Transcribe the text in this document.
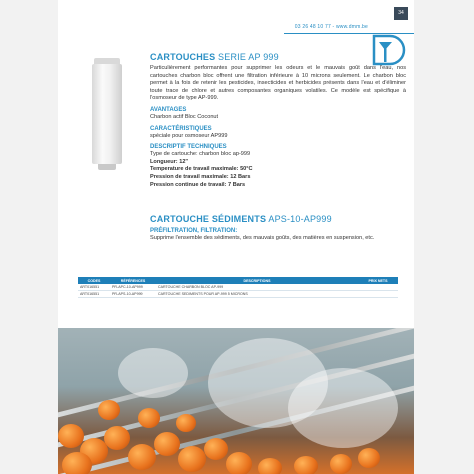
34
03 26 48 10 77 - www.dmm.be
CARTOUCHES SERIE AP 999

Particulièrement performantes pour supprimer les odeurs et le mauvais goût dans l'eau, nos cartouches charbon bloc offrent une filtration inférieure à 10 microns seulement. Le charbon bloc permet à la fois de retenir les pesticides, insecticides et herbicides présents dans l'eau et d'éliminer toute trace de chlore et autres composantes organiques volatiles. Ce modèle est spécifique à l'osmoseur de type AP-999.

AVANTAGES
Charbon actif Bloc Coconut
CARACTÉRISTIQUES
spéciale pour osmoseur AP999
DESCRIPTIF TECHNIQUES
Type de cartouche: charbon bloc ap-999
Longueur: 12"
Temperature de travail maximale: 50°C
Pression de travail maximale: 12 Bars
Pression continue de travail: 7 Bars
CARTOUCHE SÉDIMENTS APS-10-AP999
PRÉFILTRATION, FILTRATION:
Supprime l'ensemble des sédiments, des mauvais goûts, des matières en suspension, etc.
CODES	RÉFÉRENCES	DESCRIPTIONS	PRIX NETS
ART016551	PR-APC-10-AP999	CARTOUCHE CHARBON BLOC AP-999	
ART016551	PR-APS-10-AP999	CARTOUCHE SEDIMENTS POUR AP-999 5 MICRONS	
